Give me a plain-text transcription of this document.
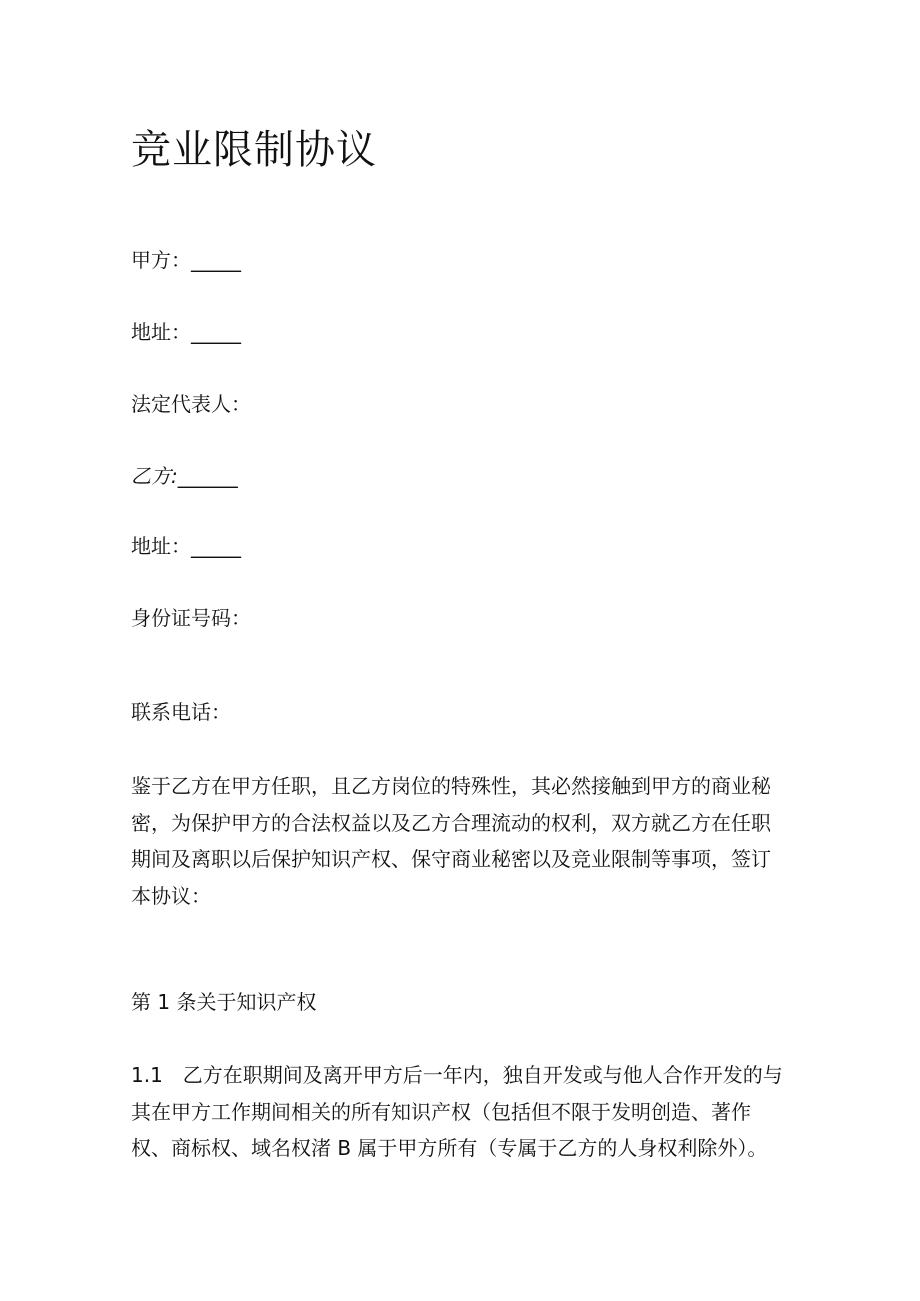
竞业限制协议

甲方：_____

地址：_____

法定代表人：

乙方:______

地址：_____

身份证号码：

联系电话：

鉴于乙方在甲方任职，且乙方岗位的特殊性，其必然接触到甲方的商业秘
密，为保护甲方的合法权益以及乙方合理流动的权利，双方就乙方在任职
期间及离职以后保护知识产权、保守商业秘密以及竞业限制等事项，签订
本协议：

第 1 条关于知识产权

1.1　乙方在职期间及离开甲方后一年内，独自开发或与他人合作开发的与
其在甲方工作期间相关的所有知识产权（包括但不限于发明创造、著作
权、商标权、域名权渚 B 属于甲方所有（专属于乙方的人身权利除外）。
